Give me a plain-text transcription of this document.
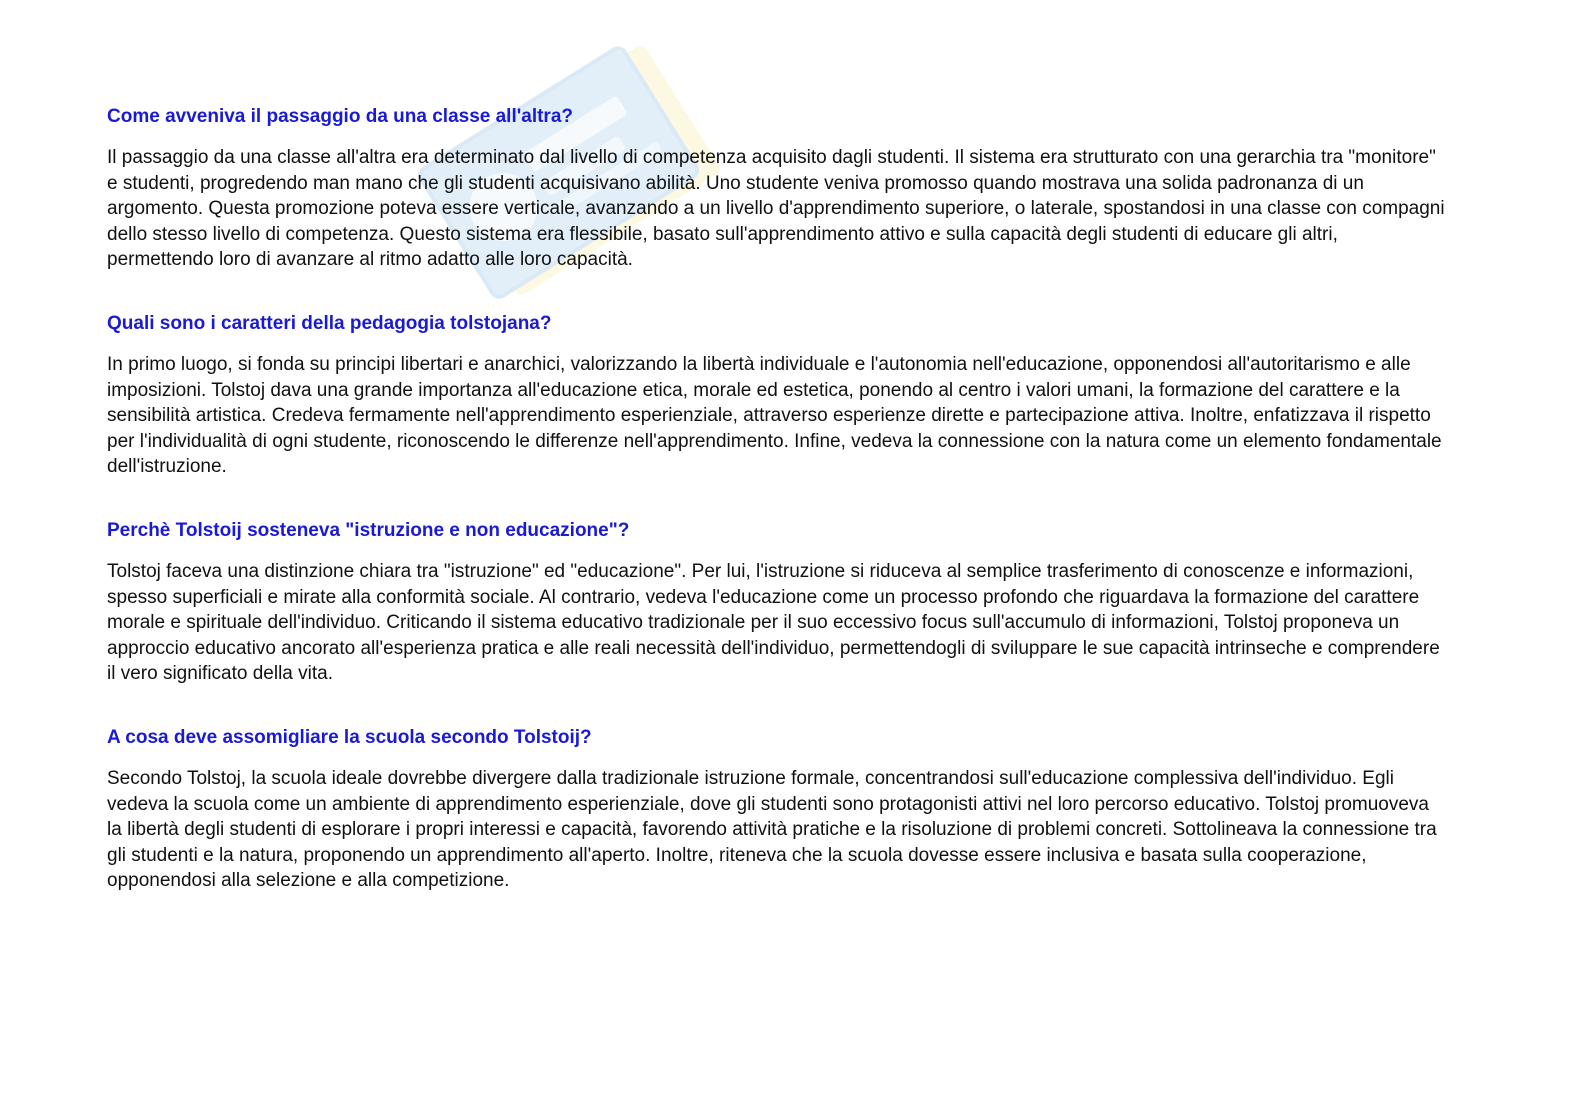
Come avveniva il passaggio da una classe all'altra?

Il passaggio da una classe all'altra era determinato dal livello di competenza acquisito dagli studenti. Il sistema era strutturato con una gerarchia tra "monitore" e studenti, progredendo man mano che gli studenti acquisivano abilità. Uno studente veniva promosso quando mostrava una solida padronanza di un argomento. Questa promozione poteva essere verticale, avanzando a un livello d'apprendimento superiore, o laterale, spostandosi in una classe con compagni dello stesso livello di competenza. Questo sistema era flessibile, basato sull'apprendimento attivo e sulla capacità degli studenti di educare gli altri, permettendo loro di avanzare al ritmo adatto alle loro capacità.

Quali sono i caratteri della pedagogia tolstojana?

In primo luogo, si fonda su principi libertari e anarchici, valorizzando la libertà individuale e l'autonomia nell'educazione, opponendosi all'autoritarismo e alle imposizioni. Tolstoj dava una grande importanza all'educazione etica, morale ed estetica, ponendo al centro i valori umani, la formazione del carattere e la sensibilità artistica. Credeva fermamente nell'apprendimento esperienziale, attraverso esperienze dirette e partecipazione attiva. Inoltre, enfatizzava il rispetto per l'individualità di ogni studente, riconoscendo le differenze nell'apprendimento. Infine, vedeva la connessione con la natura come un elemento fondamentale dell'istruzione.

Perchè Tolstoij sosteneva "istruzione e non educazione"?

Tolstoj faceva una distinzione chiara tra "istruzione" ed "educazione". Per lui, l'istruzione si riduceva al semplice trasferimento di conoscenze e informazioni, spesso superficiali e mirate alla conformità sociale. Al contrario, vedeva l'educazione come un processo profondo che riguardava la formazione del carattere morale e spirituale dell'individuo. Criticando il sistema educativo tradizionale per il suo eccessivo focus sull'accumulo di informazioni, Tolstoj proponeva un approccio educativo ancorato all'esperienza pratica e alle reali necessità dell'individuo, permettendogli di sviluppare le sue capacità intrinseche e comprendere il vero significato della vita.

A cosa deve assomigliare la scuola secondo Tolstoij?

Secondo Tolstoj, la scuola ideale dovrebbe divergere dalla tradizionale istruzione formale, concentrandosi sull'educazione complessiva dell'individuo. Egli vedeva la scuola come un ambiente di apprendimento esperienziale, dove gli studenti sono protagonisti attivi nel loro percorso educativo. Tolstoj promuoveva la libertà degli studenti di esplorare i propri interessi e capacità, favorendo attività pratiche e la risoluzione di problemi concreti. Sottolineava la connessione tra gli studenti e la natura, proponendo un apprendimento all'aperto. Inoltre, riteneva che la scuola dovesse essere inclusiva e basata sulla cooperazione, opponendosi alla selezione e alla competizione.
